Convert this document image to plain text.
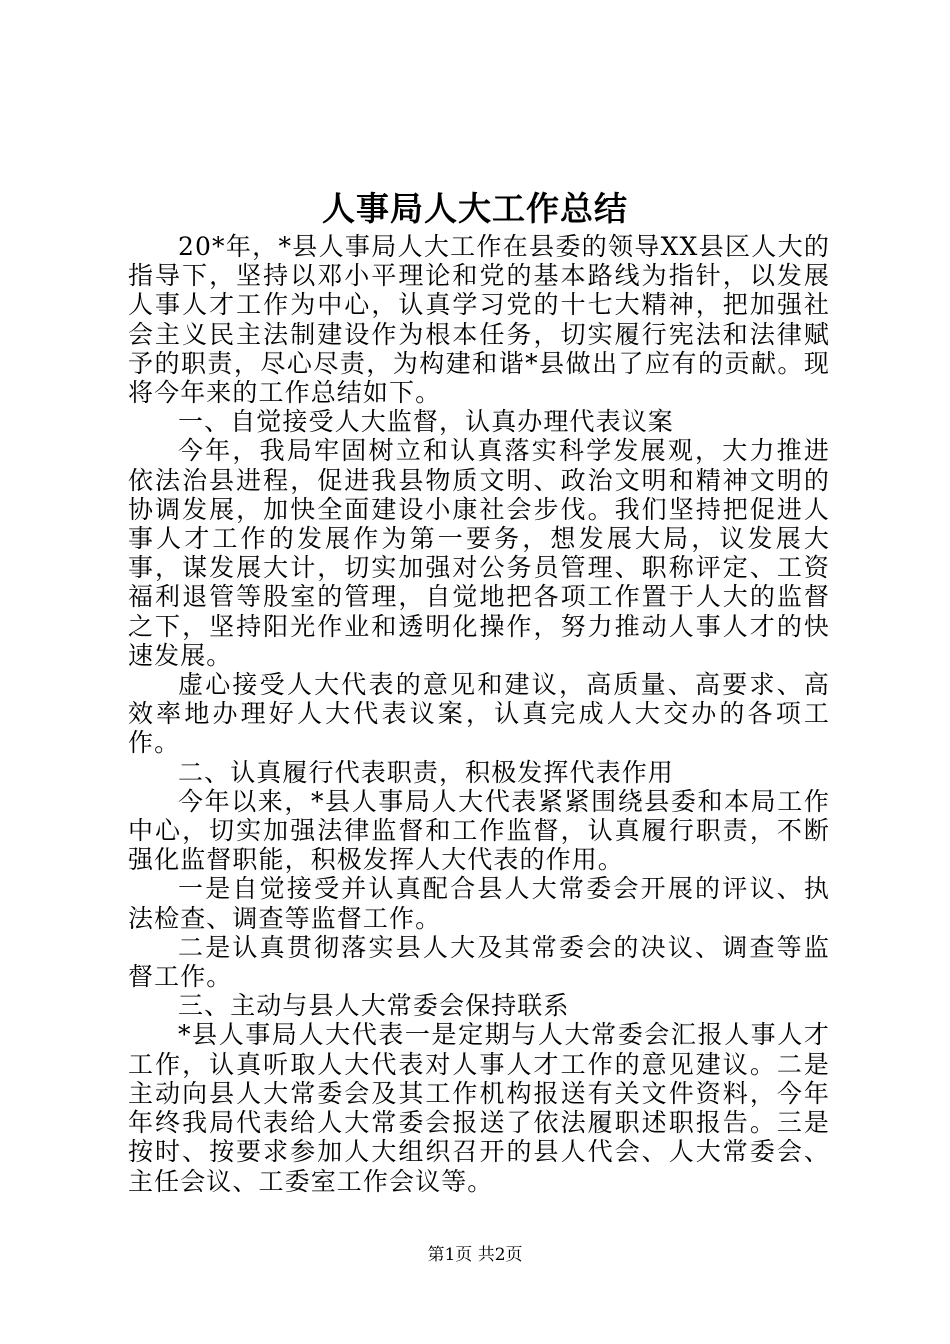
人事局人大工作总结

20*年，*县人事局人大工作在县委的领导XX县区人大的指导下，坚持以邓小平理论和党的基本路线为指针，以发展人事人才工作为中心，认真学习党的十七大精神，把加强社会主义民主法制建设作为根本任务，切实履行宪法和法律赋予的职责，尽心尽责，为构建和谐*县做出了应有的贡献。现将今年来的工作总结如下。

一、自觉接受人大监督，认真办理代表议案

今年，我局牢固树立和认真落实科学发展观，大力推进依法治县进程，促进我县物质文明、政治文明和精神文明的协调发展，加快全面建设小康社会步伐。我们坚持把促进人事人才工作的发展作为第一要务，想发展大局，议发展大事，谋发展大计，切实加强对公务员管理、职称评定、工资福利退管等股室的管理，自觉地把各项工作置于人大的监督之下，坚持阳光作业和透明化操作，努力推动人事人才的快速发展。

虚心接受人大代表的意见和建议，高质量、高要求、高效率地办理好人大代表议案，认真完成人大交办的各项工作。

二、认真履行代表职责，积极发挥代表作用

今年以来，*县人事局人大代表紧紧围绕县委和本局工作中心，切实加强法律监督和工作监督，认真履行职责，不断强化监督职能，积极发挥人大代表的作用。

一是自觉接受并认真配合县人大常委会开展的评议、执法检查、调查等监督工作。

二是认真贯彻落实县人大及其常委会的决议、调查等监督工作。

三、主动与县人大常委会保持联系

*县人事局人大代表一是定期与人大常委会汇报人事人才工作，认真听取人大代表对人事人才工作的意见建议。二是主动向县人大常委会及其工作机构报送有关文件资料，今年年终我局代表给人大常委会报送了依法履职述职报告。三是按时、按要求参加人大组织召开的县人代会、人大常委会、主任会议、工委室工作会议等。

第1页 共2页
